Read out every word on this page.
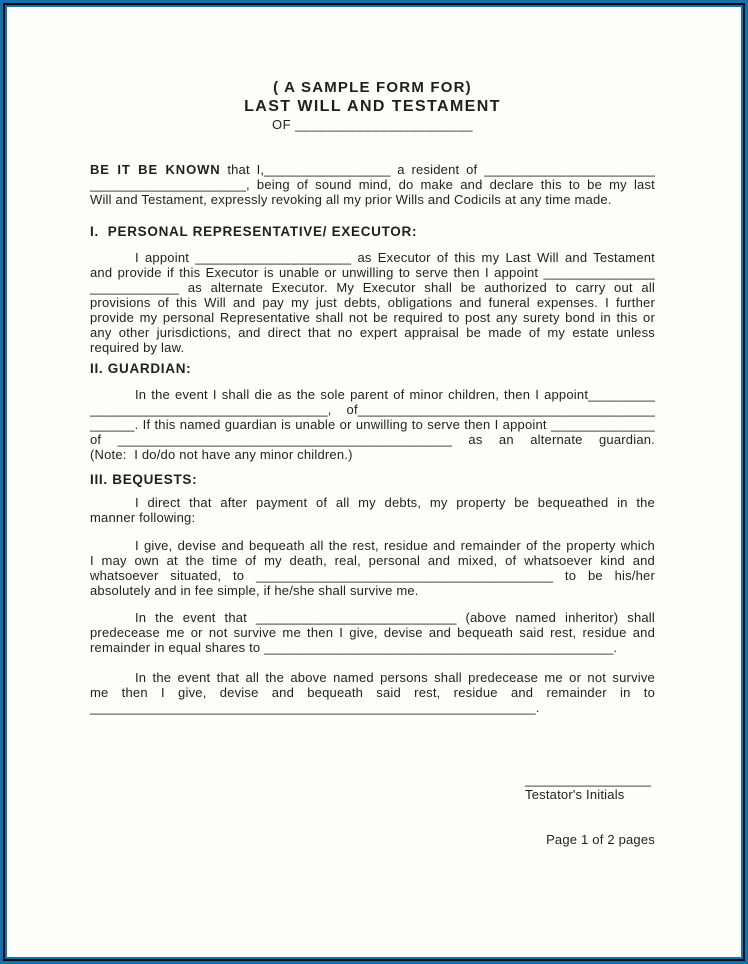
( A SAMPLE FORM FOR)
LAST WILL AND TESTAMENT
OF _______________________
BE IT BE KNOWN that I,_________________ a resident of _______________________
_____________________, being of sound mind, do make and declare this to be my last
Will and Testament, expressly revoking all my prior Wills and Codicils at any time made.
I.  PERSONAL REPRESENTATIVE/ EXECUTOR:
I appoint _____________________ as Executor of this my Last Will and Testament
and provide if this Executor is unable or unwilling to serve then I appoint _______________
____________ as alternate Executor. My Executor shall be authorized to carry out all
provisions of this Will and pay my just debts, obligations and funeral expenses. I further
provide my personal Representative shall not be required to post any surety bond in this or
any other jurisdictions, and direct that no expert appraisal be made of my estate unless
required by law.
II. GUARDIAN:
In the event I shall die as the sole parent of minor children, then I appoint_________
________________________________, of________________________________________
______. If this named guardian is unable or unwilling to serve then I appoint ______________
of _____________________________________________ as an alternate guardian.
(Note:  I do/do not have any minor children.)
III. BEQUESTS:
I direct that after payment of all my debts, my property be bequeathed in the
manner following:
I give, devise and bequeath all the rest, residue and remainder of the property which
I may own at the time of my death, real, personal and mixed, of whatsoever kind and
whatsoever situated, to ________________________________________ to be his/her
absolutely and in fee simple, if he/she shall survive me.
In the event that ___________________________ (above named inheritor) shall
predecease me or not survive me then I give, devise and bequeath said rest, residue and
remainder in equal shares to _______________________________________________.
In the event that all the above named persons shall predecease me or not survive
me then I give, devise and bequeath said rest, residue and remainder in to
____________________________________________________________.
_________________
Testator's Initials
Page 1 of 2 pages
